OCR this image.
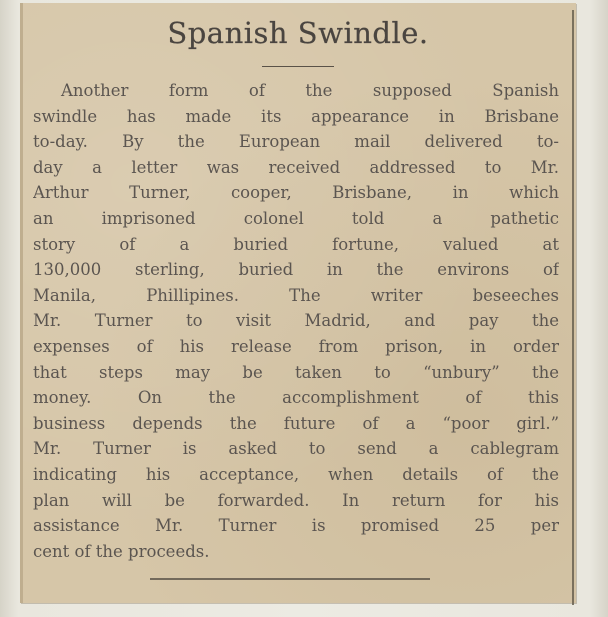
Spanish Swindle.
Another form of the supposed Spanish
swindle has made its appearance in Brisbane
to-day. By the European mail delivered to-
day a letter was received addressed to Mr.
Arthur Turner, cooper, Brisbane, in which
an imprisoned colonel told a pathetic
story of a buried fortune, valued at
130,000 sterling, buried in the environs of
Manila, Phillipines. The writer beseeches
Mr. Turner to visit Madrid, and pay the
expenses of his release from prison, in order
that steps may be taken to “unbury” the
money. On the accomplishment of this
business depends the future of a “poor girl.”
Mr. Turner is asked to send a cablegram
indicating his acceptance, when details of the
plan will be forwarded. In return for his
assistance Mr. Turner is promised 25 per
cent of the proceeds.
